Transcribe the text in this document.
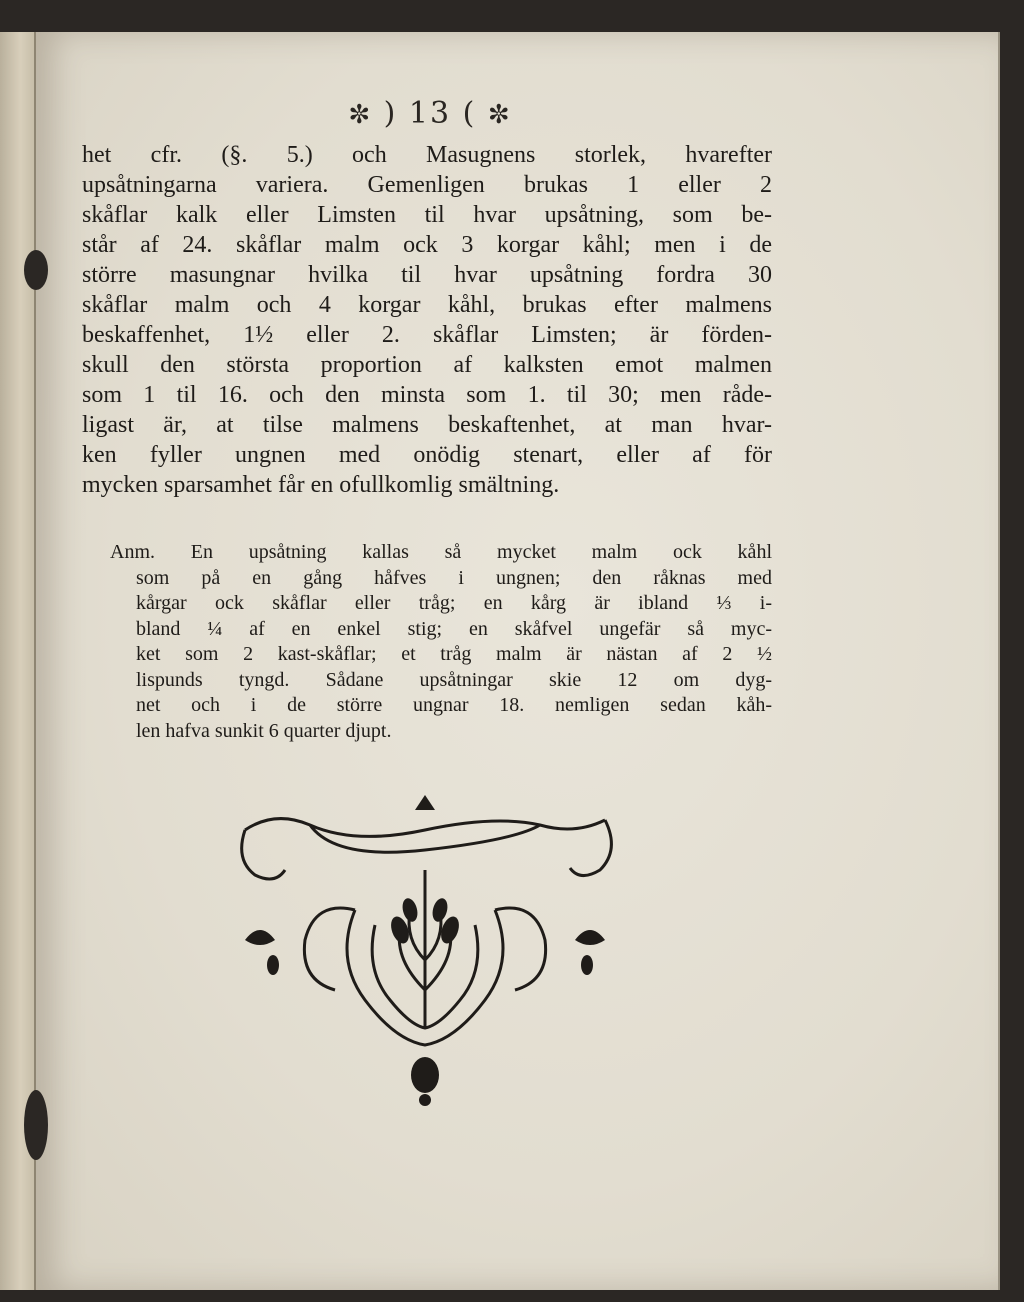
✼ ) 13 ( ✼
het cfr. (§. 5.) och Masugnens storlek, hvarefter
upsåtningarna variera. Gemenligen brukas 1 eller 2
skåflar kalk eller Limsten til hvar upsåtning, som be-
står af 24. skåflar malm ock 3 korgar kåhl; men i de
större masungnar hvilka til hvar upsåtning fordra 30
skåflar malm och 4 korgar kåhl, brukas efter malmens
beskaffenhet, 1½ eller 2. skåflar Limsten; är förden-
skull den största proportion af kalksten emot malmen
som 1 til 16. och den minsta som 1. til 30; men råde-
ligast är, at tilse malmens beskaftenhet, at man hvar-
ken fyller ungnen med onödig stenart, eller af för
mycken sparsamhet får en ofullkomlig smältning.
Anm. En upsåtning kallas så mycket malm ock kåhl
som på en gång håfves i ungnen; den råknas med
kårgar ock skåflar eller tråg; en kårg är ibland ⅓ i-
bland ¼ af en enkel stig; en skåfvel ungefär så myc-
ket som 2 kast-skåflar; et tråg malm är nästan af 2 ½
lispunds tyngd. Sådane upsåtningar skie 12 om dyg-
net och i de större ungnar 18. nemligen sedan kåh-
len hafva sunkit 6 quarter djupt.
